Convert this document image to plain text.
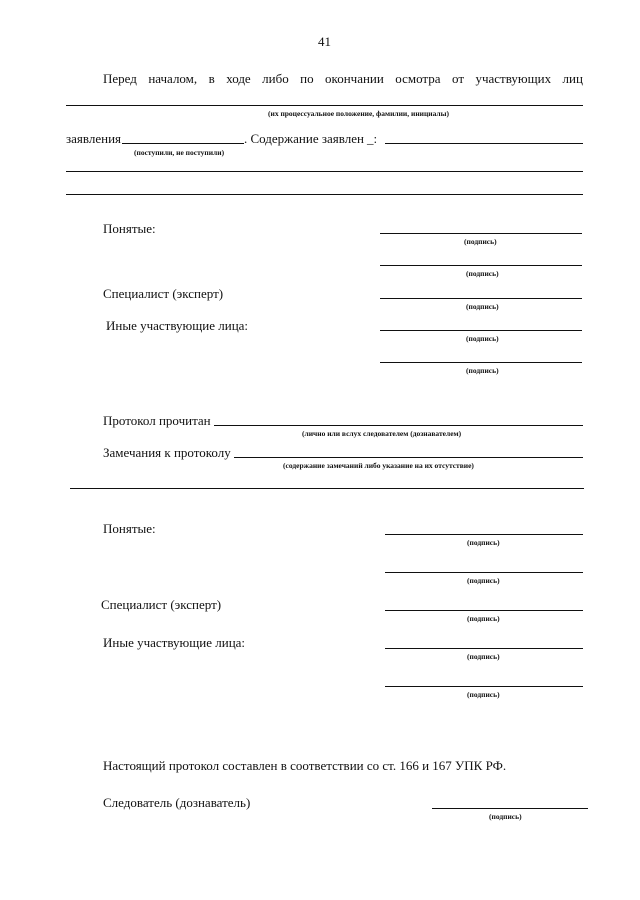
41
Перед началом, в ходе либо по окончании осмотра от участвующих лиц
(их процессуальное положение, фамилии, инициалы)
заявления	. Содержание заявлен _:
(поступили, не поступили)
Понятые:
(подпись)
(подпись)
Специалист (эксперт)
(подпись)
Иные участвующие лица:
(подпись)
(подпись)
Протокол прочитан
(лично или вслух следователем (дознавателем)
Замечания к протоколу
(содержание замечаний либо указание на их отсутствие)
Понятые:
(подпись)
(подпись)
Специалист (эксперт)
(подпись)
Иные участвующие лица:
(подпись)
(подпись)
Настоящий протокол составлен в соответствии со ст. 166 и 167 УПК РФ.
Следователь (дознаватель)
(подпись)
